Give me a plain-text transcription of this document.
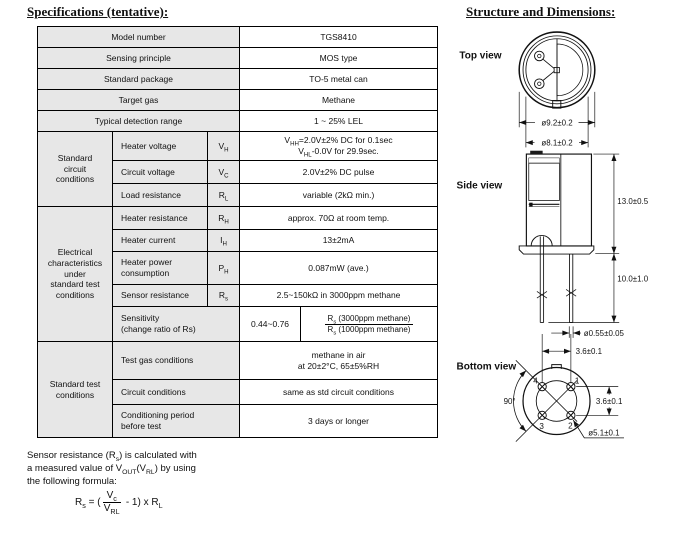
Specifications (tentative):	Structure and Dimensions:
Model number			TGS8410	
Sensing principle			MOS type	
Standard package			TO-5 metal can	
Target gas			Methane	
Typical detection range			1 ~ 25% LEL	
Standard
circuit
conditions	Heater voltage	$V_H$	$V_{HH}=2.0V\pm 2\%$ DC for 0.1sec
$V_{HL}-0.0V$ for 29.9sec.	
	Circuit voltage	$V_C$	2.0V±2% DC pulse	
	Load resistance	$R_L$	variable (2kΩ min.)	
Electrical
characteristics
under
standard test
conditions	Heater resistance	$R_H$	approx. 70Ω at room temp.	
	Heater current	$I_H$	13±2mA	
	Heater power
consumption	$P_H$	0.087mW (ave.)	
	Sensor resistance	$R_s$	2.5~150kΩ in 3000ppm methane	
	Sensitivity
(change ratio of Rs)		0.44~0.76	$\frac{R_s (3000ppm methane)}{R_s (1000ppm methane)}$

Standard test
conditions	Test gas conditions		methane in air
at 20±2°C, 65±5%RH	
	Circuit conditions		same as std circuit conditions	
	Conditioning period
before test		3 days or longer	
Sensor resistance $(R_s)$ is calculated with
a measured value of $V_{OUT}(V_{RL})$ by using
the following formula:
$R_s$ = (
$V_c$
$V_{RL}$
- 1) x $R_L$
Top view
ø9.2±0.2
ø8.1±0.2
Side view
13.0±0.5
10.0±1.0
ø0.55±0.05
Bottom view
3.6±0.1
4	1
3	2
90°	3.6±0.1
ø5.1±0.1
